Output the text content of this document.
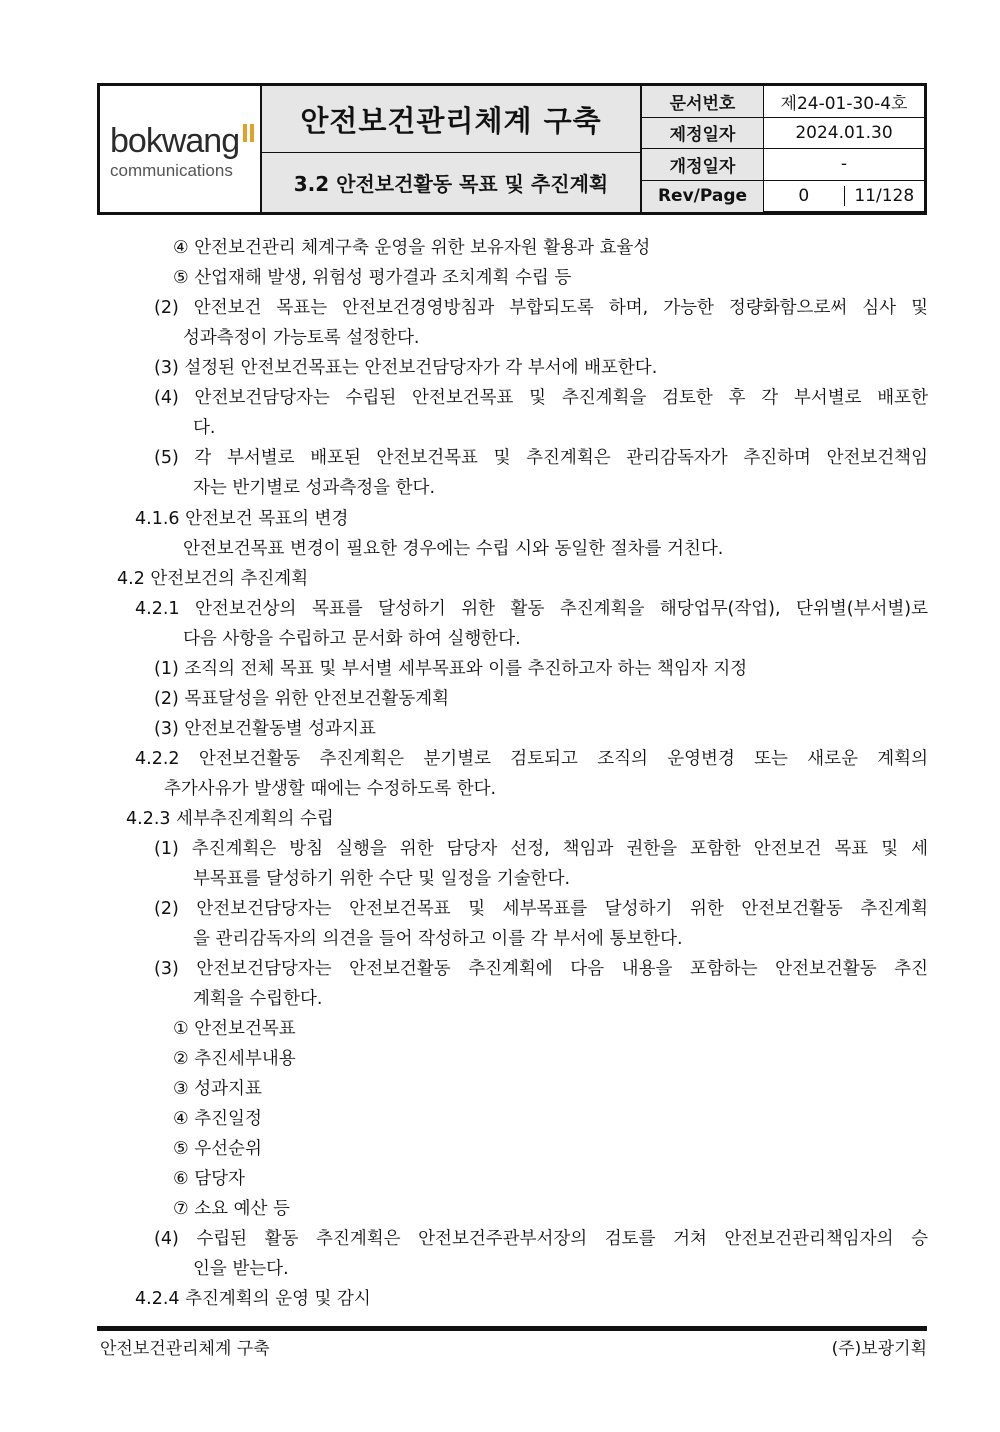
bokwang
communications
안전보건관리체계 구축
3.2 안전보건활동 목표 및 추진계획
문서번호	제24-01-30-4호
제정일자	2024.01.30
개정일자	-
Rev/Page	0	11/128
④ 안전보건관리 체계구축 운영을 위한 보유자원 활용과 효율성
⑤ 산업재해 발생, 위험성 평가결과 조치계획 수립 등
(2) 안전보건 목표는 안전보건경영방침과 부합되도록 하며, 가능한 정량화함으로써 심사 및
성과측정이 가능토록 설정한다.
(3) 설정된 안전보건목표는 안전보건담당자가 각 부서에 배포한다.
(4) 안전보건담당자는 수립된 안전보건목표 및 추진계획을 검토한 후 각 부서별로 배포한
다.
(5) 각 부서별로 배포된 안전보건목표 및 추진계획은 관리감독자가 추진하며 안전보건책임
자는 반기별로 성과측정을 한다.
4.1.6 안전보건 목표의 변경
안전보건목표 변경이 필요한 경우에는 수립 시와 동일한 절차를 거친다.
4.2 안전보건의 추진계획
4.2.1 안전보건상의 목표를 달성하기 위한 활동 추진계획을 해당업무(작업), 단위별(부서별)로
다음 사항을 수립하고 문서화 하여 실행한다.
(1) 조직의 전체 목표 및 부서별 세부목표와 이를 추진하고자 하는 책임자 지정
(2) 목표달성을 위한 안전보건활동계획
(3) 안전보건활동별 성과지표
4.2.2 안전보건활동 추진계획은 분기별로 검토되고 조직의 운영변경 또는 새로운 계획의
추가사유가 발생할 때에는 수정하도록 한다.
4.2.3 세부추진계획의 수립
(1) 추진계획은 방침 실행을 위한 담당자 선정, 책임과 권한을 포함한 안전보건 목표 및 세
부목표를 달성하기 위한 수단 및 일정을 기술한다.
(2) 안전보건담당자는 안전보건목표 및 세부목표를 달성하기 위한 안전보건활동 추진계획
을 관리감독자의 의견을 들어 작성하고 이를 각 부서에 통보한다.
(3) 안전보건담당자는 안전보건활동 추진계획에 다음 내용을 포함하는 안전보건활동 추진
계획을 수립한다.
① 안전보건목표
② 추진세부내용
③ 성과지표
④ 추진일정
⑤ 우선순위
⑥ 담당자
⑦ 소요 예산 등
(4) 수립된 활동 추진계획은 안전보건주관부서장의 검토를 거쳐 안전보건관리책임자의 승
인을 받는다.
4.2.4 추진계획의 운영 및 감시
안전보건관리체계 구축	(주)보광기획
